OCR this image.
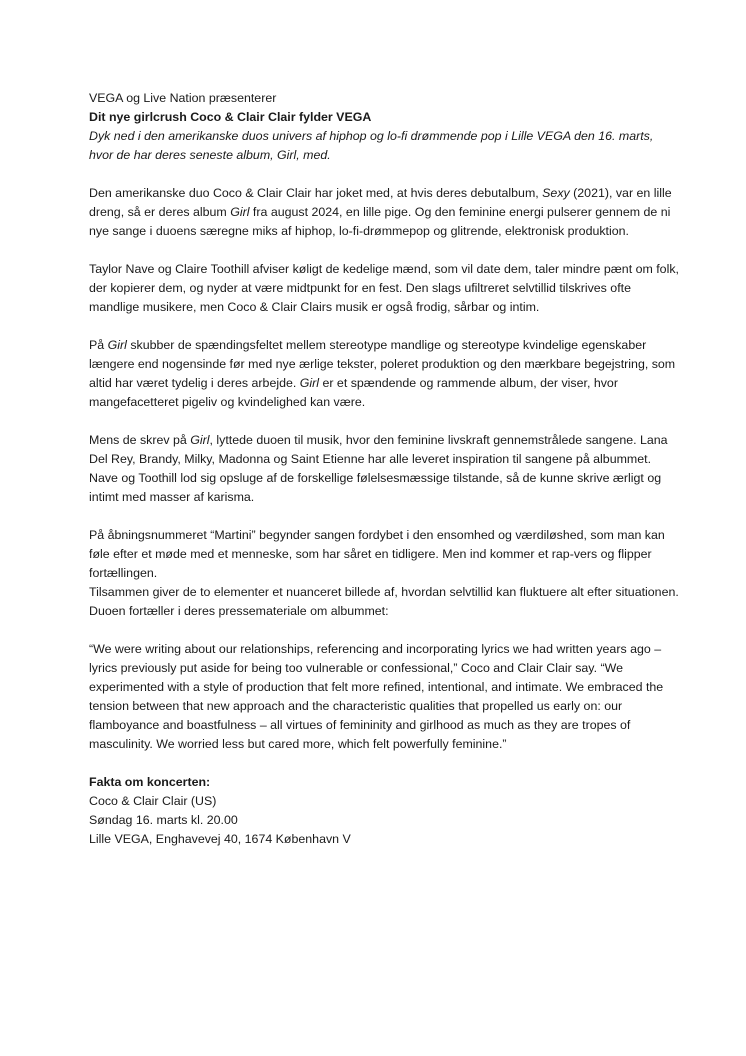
VEGA og Live Nation præsenterer

Dit nye girlcrush Coco & Clair Clair fylder VEGA

Dyk ned i den amerikanske duos univers af hiphop og lo-fi drømmende pop i Lille VEGA den 16. marts, hvor de har deres seneste album, Girl, med.

Den amerikanske duo Coco & Clair Clair har joket med, at hvis deres debutalbum, Sexy (2021), var en lille dreng, så er deres album Girl fra august 2024, en lille pige. Og den feminine energi pulserer gennem de ni nye sange i duoens særegne miks af hiphop, lo-fi-drømmepop og glitrende, elektronisk produktion.

Taylor Nave og Claire Toothill afviser køligt de kedelige mænd, som vil date dem, taler mindre pænt om folk, der kopierer dem, og nyder at være midtpunkt for en fest. Den slags ufiltreret selvtillid tilskrives ofte mandlige musikere, men Coco & Clair Clairs musik er også frodig, sårbar og intim.

På Girl skubber de spændingsfeltet mellem stereotype mandlige og stereotype kvindelige egenskaber længere end nogensinde før med nye ærlige tekster, poleret produktion og den mærkbare begejstring, som altid har været tydelig i deres arbejde. Girl er et spændende og rammende album, der viser, hvor mangefacetteret pigeliv og kvindelighed kan være.

Mens de skrev på Girl, lyttede duoen til musik, hvor den feminine livskraft gennemstrålede sangene. Lana Del Rey, Brandy, Milky, Madonna og Saint Etienne har alle leveret inspiration til sangene på albummet. Nave og Toothill lod sig opsluge af de forskellige følelsesmæssige tilstande, så de kunne skrive ærligt og intimt med masser af karisma.

På åbningsnummeret “Martini” begynder sangen fordybet i den ensomhed og værdiløshed, som man kan føle efter et møde med et menneske, som har såret en tidligere. Men ind kommer et rap-vers og flipper fortællingen.

Tilsammen giver de to elementer et nuanceret billede af, hvordan selvtillid kan fluktuere alt efter situationen.

Duoen fortæller i deres pressemateriale om albummet:

“We were writing about our relationships, referencing and incorporating lyrics we had written years ago – lyrics previously put aside for being too vulnerable or confessional,” Coco and Clair Clair say. “We experimented with a style of production that felt more refined, intentional, and intimate. We embraced the tension between that new approach and the characteristic qualities that propelled us early on: our flamboyance and boastfulness – all virtues of femininity and girlhood as much as they are tropes of masculinity. We worried less but cared more, which felt powerfully feminine.”

Fakta om koncerten:

Coco & Clair Clair (US)

Søndag 16. marts kl. 20.00

Lille VEGA, Enghavevej 40, 1674 København V
